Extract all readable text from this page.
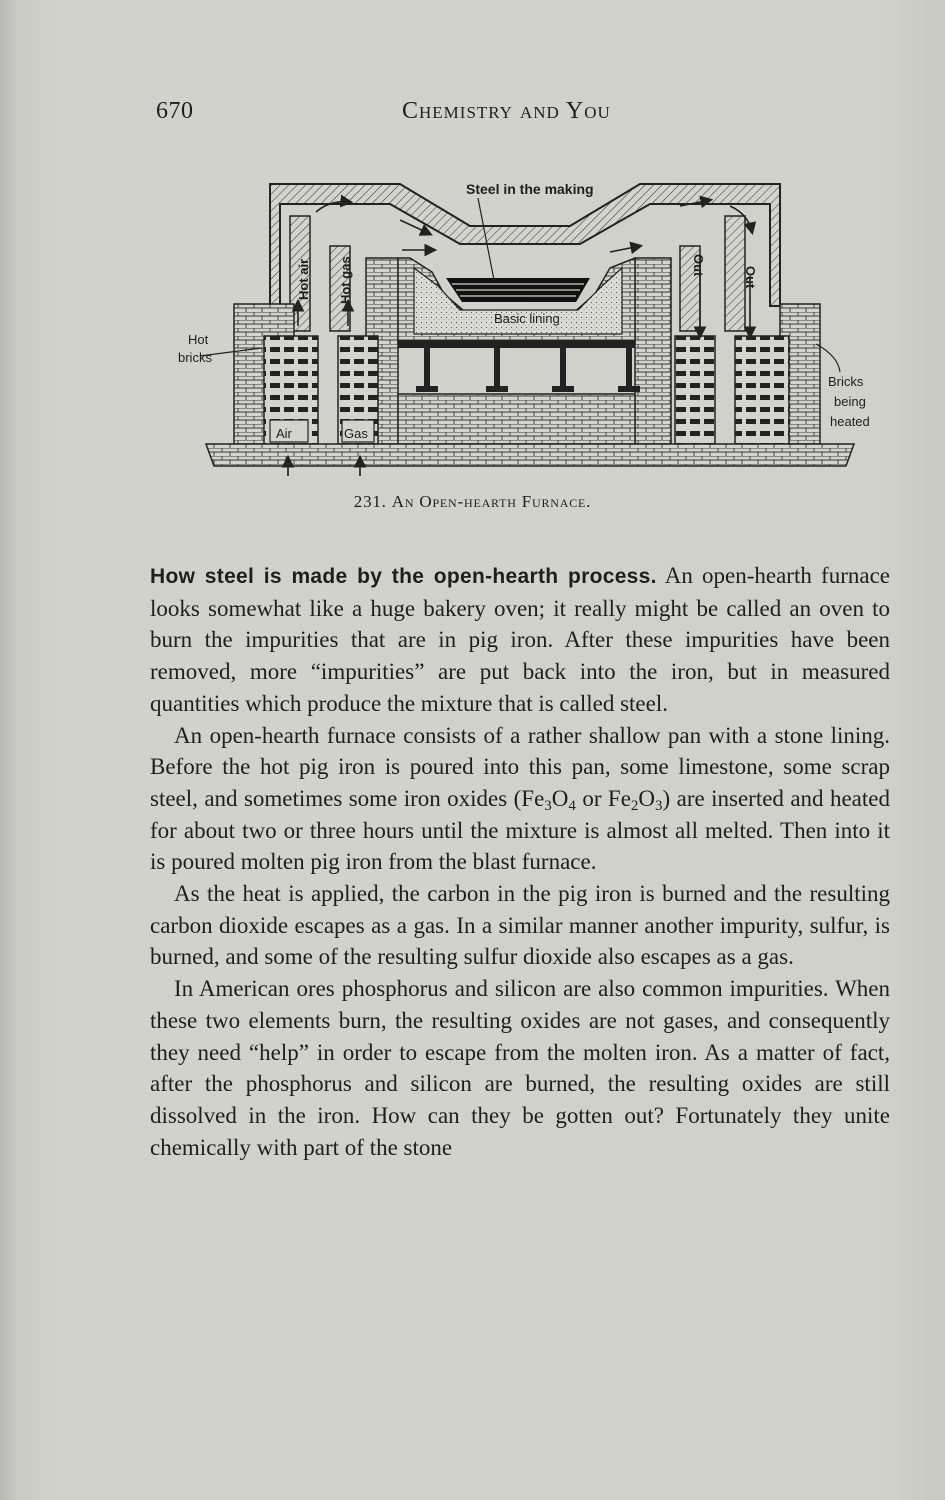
670	Chemistry and You
Steel in the making
Basic lining
Hot air Hot gas	Out
Out
Hot
bricks
Air	Gas
Bricks
being
heated
231. An Open-hearth Furnace.

How steel is made by the open-hearth process. An open-hearth furnace looks somewhat like a huge bakery oven; it really might be called an oven to burn the impurities that are in pig iron. After these impurities have been removed, more “impurities” are put back into the iron, but in measured quantities which produce the mixture that is called steel.

An open-hearth furnace consists of a rather shallow pan with a stone lining. Before the hot pig iron is poured into this pan, some limestone, some scrap steel, and sometimes some iron oxides ($Fe_3O_4$ or $Fe_2O_3$) are inserted and heated for about two or three hours until the mixture is almost all melted. Then into it is poured molten pig iron from the blast furnace.

As the heat is applied, the carbon in the pig iron is burned and the resulting carbon dioxide escapes as a gas. In a similar manner another impurity, sulfur, is burned, and some of the resulting sulfur dioxide also escapes as a gas.

In American ores phosphorus and silicon are also common impurities. When these two elements burn, the resulting oxides are not gases, and consequently they need “help” in order to escape from the molten iron. As a matter of fact, after the phosphorus and silicon are burned, the resulting oxides are still dissolved in the iron. How can they be gotten out? Fortunately they unite chemically with part of the stone
